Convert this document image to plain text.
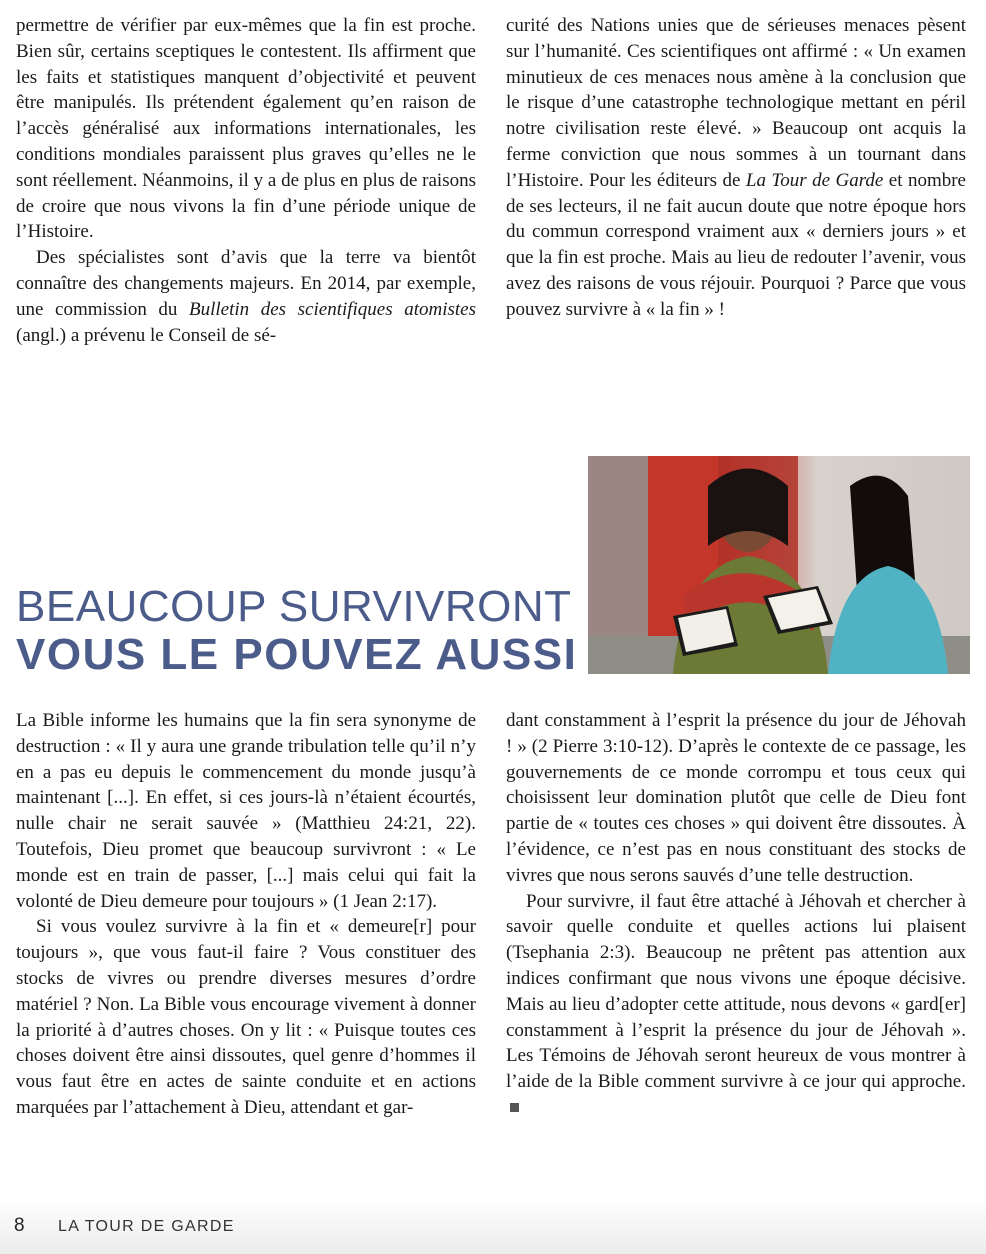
permettre de vérifier par eux-mêmes que la fin est proche. Bien sûr, certains sceptiques le contestent. Ils affirment que les faits et statistiques manquent d’objectivité et peuvent être manipulés. Ils prétendent également qu’en raison de l’accès généralisé aux informations internationales, les conditions mondiales paraissent plus graves qu’elles ne le sont réellement. Néanmoins, il y a de plus en plus de raisons de croire que nous vivons la fin d’une période unique de l’Histoire.

Des spécialistes sont d’avis que la terre va bientôt connaître des changements majeurs. En 2014, par exemple, une commission du Bulletin des scientifiques atomistes (angl.) a prévenu le Conseil de sé-

curité des Nations unies que de sérieuses menaces pèsent sur l’humanité. Ces scientifiques ont affirmé : « Un examen minutieux de ces menaces nous amène à la conclusion que le risque d’une catastrophe technologique mettant en péril notre civilisation reste élevé. » Beaucoup ont acquis la ferme conviction que nous sommes à un tournant dans l’Histoire. Pour les éditeurs de La Tour de Garde et nombre de ses lecteurs, il ne fait aucun doute que notre époque hors du commun correspond vraiment aux « derniers jours » et que la fin est proche. Mais au lieu de redouter l’avenir, vous avez des raisons de vous réjouir. Pourquoi ? Parce que vous pouvez survivre à « la fin » !

BEAUCOUP SURVIVRONT
VOUS LE POUVEZ AUSSI

La Bible informe les humains que la fin sera synonyme de destruction : « Il y aura une grande tribulation telle qu’il n’y en a pas eu depuis le commencement du monde jusqu’à maintenant [...]. En effet, si ces jours-là n’étaient écourtés, nulle chair ne serait sauvée » (Matthieu 24:21, 22). Toutefois, Dieu promet que beaucoup survivront : « Le monde est en train de passer, [...] mais celui qui fait la volonté de Dieu demeure pour toujours » (1 Jean 2:17).

Si vous voulez survivre à la fin et « demeure[r] pour toujours », que vous faut-il faire ? Vous constituer des stocks de vivres ou prendre diverses mesures d’ordre matériel ? Non. La Bible vous encourage vivement à donner la priorité à d’autres choses. On y lit : « Puisque toutes ces choses doivent être ainsi dissoutes, quel genre d’hommes il vous faut être en actes de sainte conduite et en actions marquées par l’attachement à Dieu, attendant et gar-

dant constamment à l’esprit la présence du jour de Jéhovah ! » (2 Pierre 3:10-12). D’après le contexte de ce passage, les gouvernements de ce monde corrompu et tous ceux qui choisissent leur domination plutôt que celle de Dieu font partie de « toutes ces choses » qui doivent être dissoutes. À l’évidence, ce n’est pas en nous constituant des stocks de vivres que nous serons sauvés d’une telle destruction.

Pour survivre, il faut être attaché à Jéhovah et chercher à savoir quelle conduite et quelles actions lui plaisent (Tsephania 2:3). Beaucoup ne prêtent pas attention aux indices confirmant que nous vivons une époque décisive. Mais au lieu d’adopter cette attitude, nous devons « gard[er] constamment à l’esprit la présence du jour de Jéhovah ». Les Témoins de Jéhovah seront heureux de vous montrer à l’aide de la Bible comment survivre à ce jour qui approche.

8 LA TOUR DE GARDE
